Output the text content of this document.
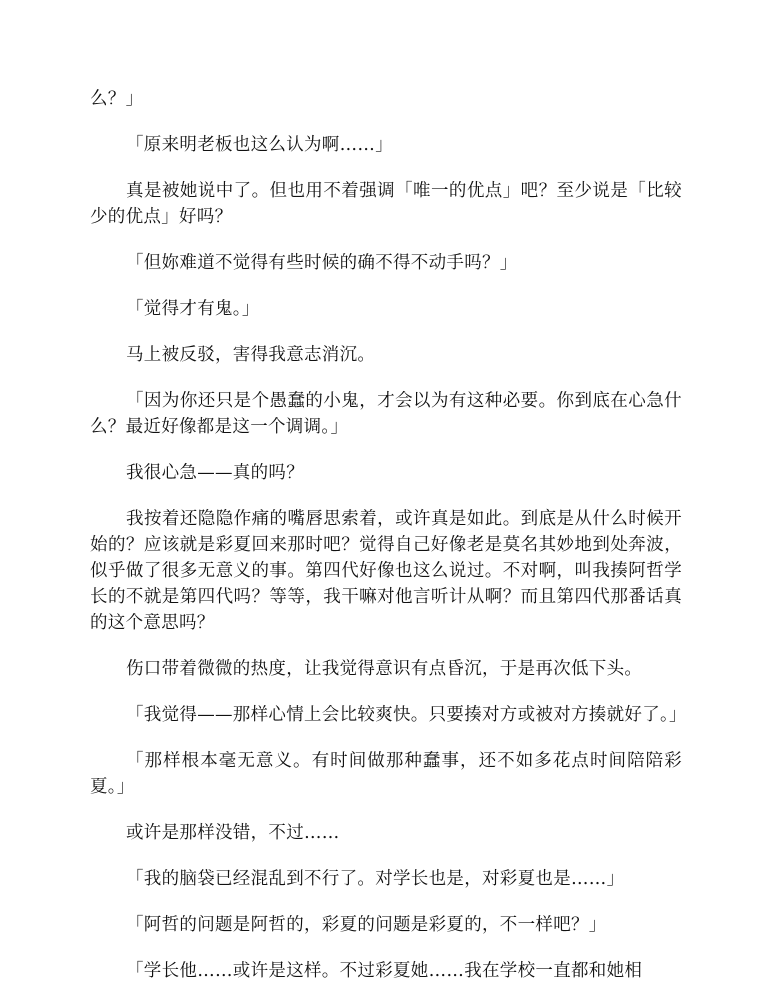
么？」

「原来明老板也这么认为啊……」

真是被她说中了。但也用不着强调「唯一的优点」吧？至少说是「比较少的优点」好吗？

「但妳难道不觉得有些时候的确不得不动手吗？」

「觉得才有鬼。」

马上被反驳，害得我意志消沉。

「因为你还只是个愚蠢的小鬼，才会以为有这种必要。你到底在心急什么？最近好像都是这一个调调。」

我很心急——真的吗？

我按着还隐隐作痛的嘴唇思索着，或许真是如此。到底是从什么时候开始的？应该就是彩夏回来那时吧？觉得自己好像老是莫名其妙地到处奔波，似乎做了很多无意义的事。第四代好像也这么说过。不对啊，叫我揍阿哲学长的不就是第四代吗？等等，我干嘛对他言听计从啊？而且第四代那番话真的这个意思吗？

伤口带着微微的热度，让我觉得意识有点昏沉，于是再次低下头。

「我觉得——那样心情上会比较爽快。只要揍对方或被对方揍就好了。」

「那样根本毫无意义。有时间做那种蠢事，还不如多花点时间陪陪彩夏。」

或许是那样没错，不过……

「我的脑袋已经混乱到不行了。对学长也是，对彩夏也是……」

「阿哲的问题是阿哲的，彩夏的问题是彩夏的，不一样吧？」

「学长他……或许是这样。不过彩夏她……我在学校一直都和她相
